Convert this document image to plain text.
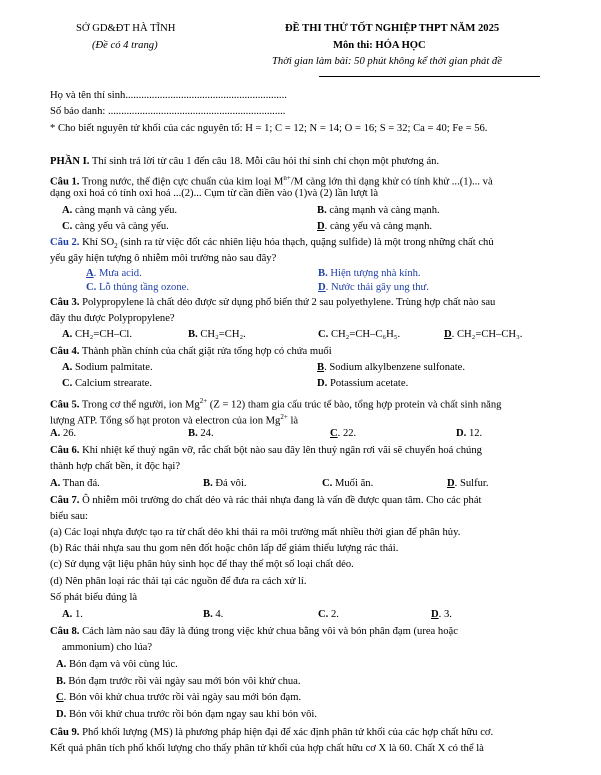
SỞ GD&ĐT HÀ TĨNH
(Đề có 4 trang)
ĐỀ THI THỬ TỐT NGHIỆP THPT NĂM 2025
Môn thi: HÓA HỌC
Thời gian làm bài: 50 phút không kể thời gian phát đề
Họ và tên thí sinh.............................................................
Số báo danh: ...................................................................
* Cho biết nguyên tử khối của các nguyên tố: H = 1; C = 12; N = 14; O = 16; S = 32; Ca = 40; Fe = 56.
PHẦN I. Thí sinh trả lời từ câu 1 đến câu 18. Mỗi câu hỏi thí sinh chỉ chọn một phương án.
Câu 1. Trong nước, thế điện cực chuẩn của kim loại $M^{n+}/M$ càng lớn thì dạng khử có tính khử ...(1)... và
dạng oxi hoá có tính oxi hoá ...(2)... Cụm từ cần điền vào (1)và (2) lần lượt là
A. càng mạnh và càng yếu.	B. càng mạnh và càng mạnh.
C. càng yếu và càng yếu.	D. càng yếu và càng mạnh.
Câu 2. Khí $SO_2$ (sinh ra từ việc đốt các nhiên liệu hóa thạch, quặng sulfide) là một trong những chất chủ
yếu gây hiện tượng ô nhiễm môi trường nào sau đây?
A. Mưa acid.	B. Hiện tượng nhà kính.
C. Lỗ thủng tầng ozone.	D. Nước thải gây ung thư.
Câu 3. Polypropylene là chất dẻo được sử dụng phổ biến thứ 2 sau polyethylene. Trùng hợp chất nào sau
đây thu được Polypropylene?
A. CH₂=CH–Cl.	B. CH₂=CH₂.	C. CH₂=CH–C₆H₅.	D. CH₂=CH–CH₃.
Câu 4. Thành phần chính của chất giặt rửa tổng hợp có chứa muối
A. Sodium palmitate.	B. Sodium alkylbenzene sulfonate.
C. Calcium strearate.	D. Potassium acetate.
Câu 5. Trong cơ thể người, ion $Mg^{2+}$ (Z = 12) tham gia cấu trúc tế bào, tổng hợp protein và chất sinh năng
lượng ATP. Tổng số hạt proton và electron của ion $Mg^{2+}$ là
A. 26.	B. 24.	C. 22.	D. 12.
Câu 6. Khi nhiệt kế thuỷ ngân vỡ, rắc chất bột nào sau đây lên thuỷ ngân rơi vãi sẽ chuyển hoá chúng
thành hợp chất bền, ít độc hại?
A. Than đá.	B. Đá vôi.	C. Muối ăn.	D. Sulfur.
Câu 7. Ô nhiễm môi trường do chất dẻo và rác thải nhựa đang là vấn đề được quan tâm. Cho các phát
biểu sau:
(a) Các loại nhựa được tạo ra từ chất dẻo khi thải ra môi trường mất nhiều thời gian để phân hủy.
(b) Rác thải nhựa sau thu gom nên đốt hoặc chôn lấp để giảm thiểu lượng rác thải.
(c) Sử dụng vật liệu phân hủy sinh học để thay thế một số loại chất dẻo.
(d) Nên phân loại rác thải tại các nguồn để đưa ra cách xử lí.
Số phát biểu đúng là
A. 1.	B. 4.	C. 2.	D. 3.
Câu 8. Cách làm nào sau đây là đúng trong việc khử chua bằng vôi và bón phân đạm (urea hoặc
ammonium) cho lúa?
A. Bón đạm và vôi cùng lúc.
B. Bón đạm trước rồi vài ngày sau mới bón vôi khử chua.
C. Bón vôi khử chua trước rồi vài ngày sau mới bón đạm.
D. Bón vôi khử chua trước rồi bón đạm ngay sau khi bón vôi.
Câu 9. Phổ khối lượng (MS) là phương pháp hiện đại để xác định phân tử khối của các hợp chất hữu cơ.
Kết quả phân tích phổ khối lượng cho thấy phân tử khối của hợp chất hữu cơ X là 60. Chất X có thể là
